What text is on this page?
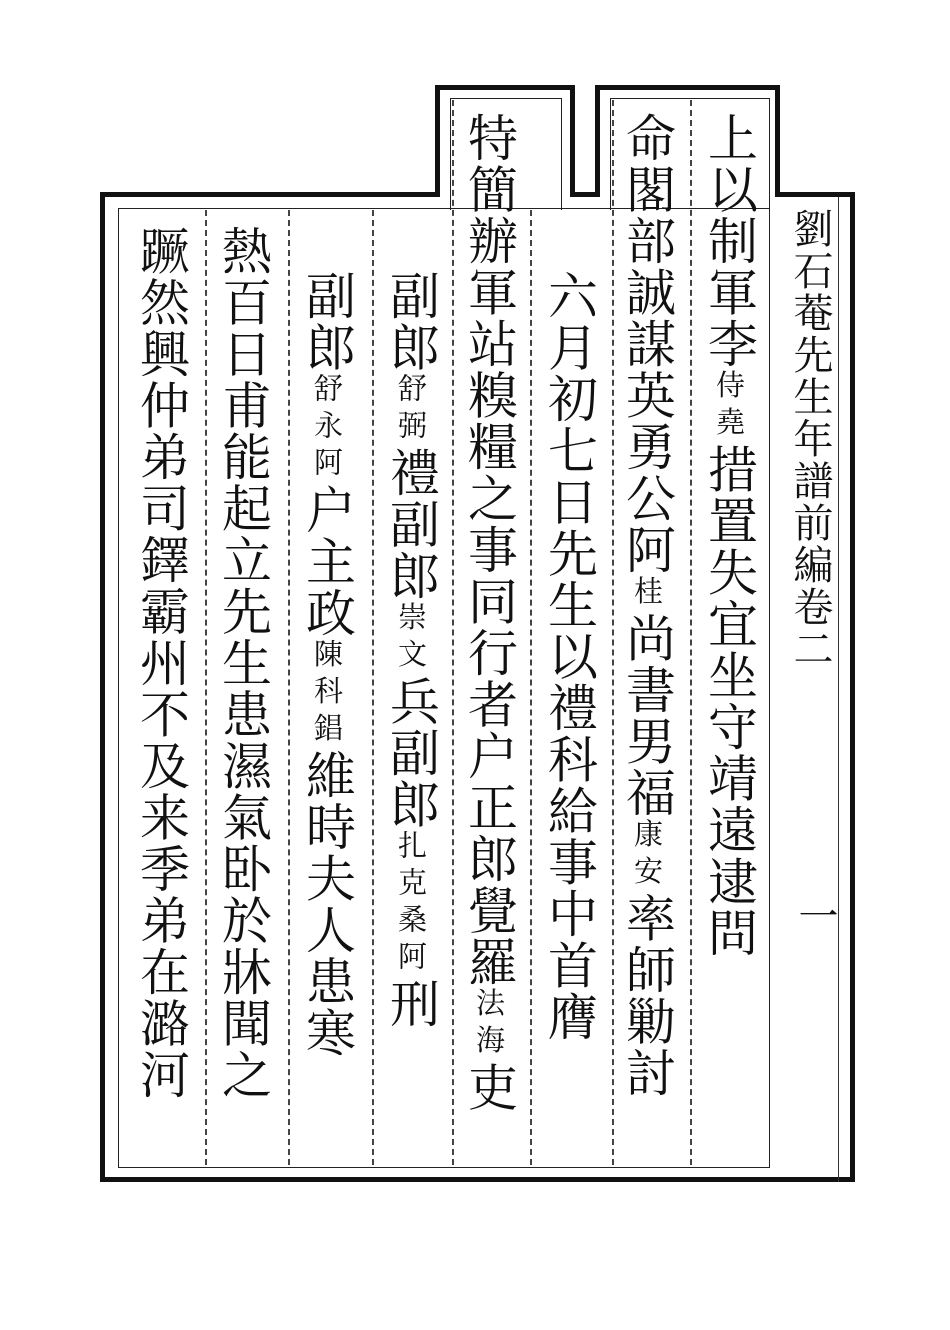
劉石菴先生年譜前編卷二
一
上以制軍李侍堯措置失宜坐守靖遠逮問
命閣部誠謀英勇公阿桂尚書男福康安率師勦討
六月初七日先生以禮科給事中首膺
特簡辦軍站糗糧之事同行者户正郎覺羅法海吏
副郎舒弼禮副郎崇文兵副郎扎克桑阿刑
副郎舒永阿户主政陳科錩維時夫人患寒
熱百日甫能起立先生患濕氣卧於牀聞之
蹶然興仲弟司鐸霸州不及来季弟在潞河
